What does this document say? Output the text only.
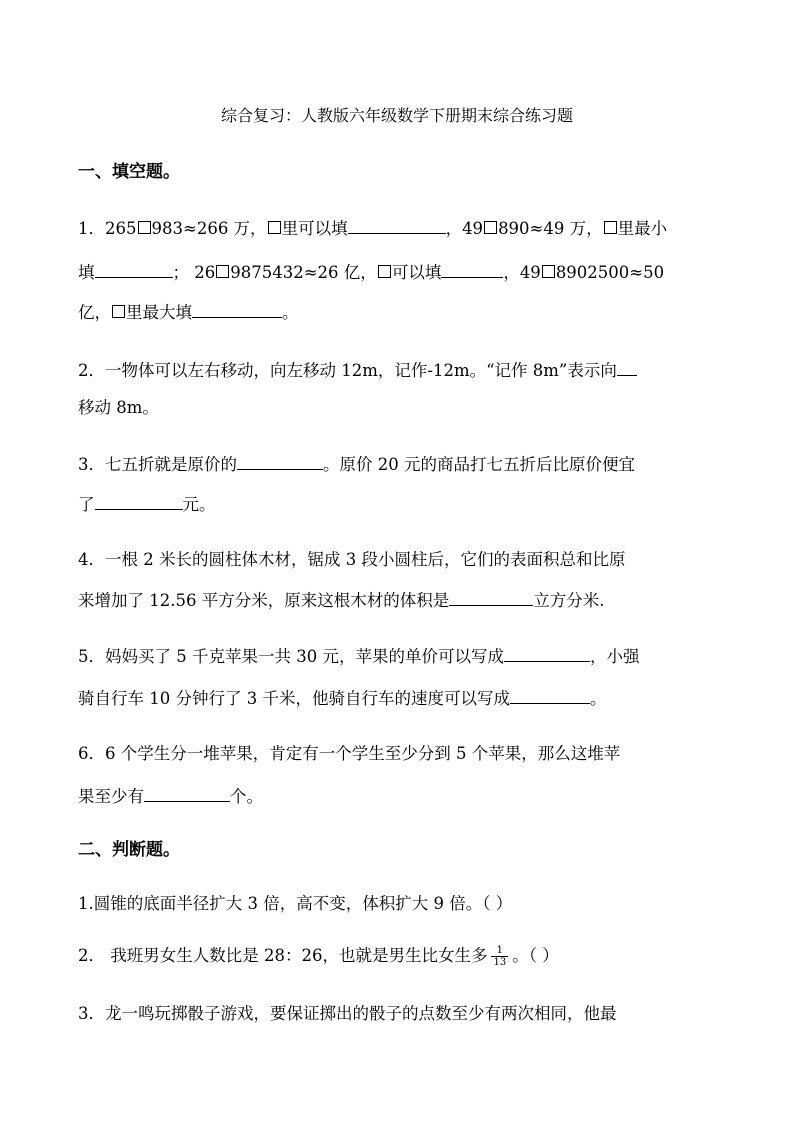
综合复习：人教版六年级数学下册期末综合练习题
一、填空题。
1．265 983≈266 万， 里可以填	，49 890≈49 万， 里最小
填	； 26 9875432≈26 亿， 可以填	，49 8902500≈50
亿， 里最大填	。
2．一物体可以左右移动，向左移动 12m，记作-12m。“记作 8m”表示向
移动 8m。
3．七五折就是原价的	。原价 20 元的商品打七五折后比原价便宜
了	元。
4．一根 2 米长的圆柱体木材，锯成 3 段小圆柱后，它们的表面积总和比原
来增加了 12.56 平方分米，原来这根木材的体积是	立方分米.
5．妈妈买了 5 千克苹果一共 30 元，苹果的单价可以写成	，小强
骑自行车 10 分钟行了 3 千米，他骑自行车的速度可以写成	。
6．6 个学生分一堆苹果，肯定有一个学生至少分到 5 个苹果，那么这堆苹
果至少有	个。
二、判断题。
1.圆锥的底面半径扩大 3 倍，高不变，体积扩大 9 倍。（ ）
2． 我班男女生人数比是 28：26，也就是男生比女生多 $\frac{1}{13}$ 。（ ）
3．龙一鸣玩掷骰子游戏，要保证掷出的骰子的点数至少有两次相同，他最
